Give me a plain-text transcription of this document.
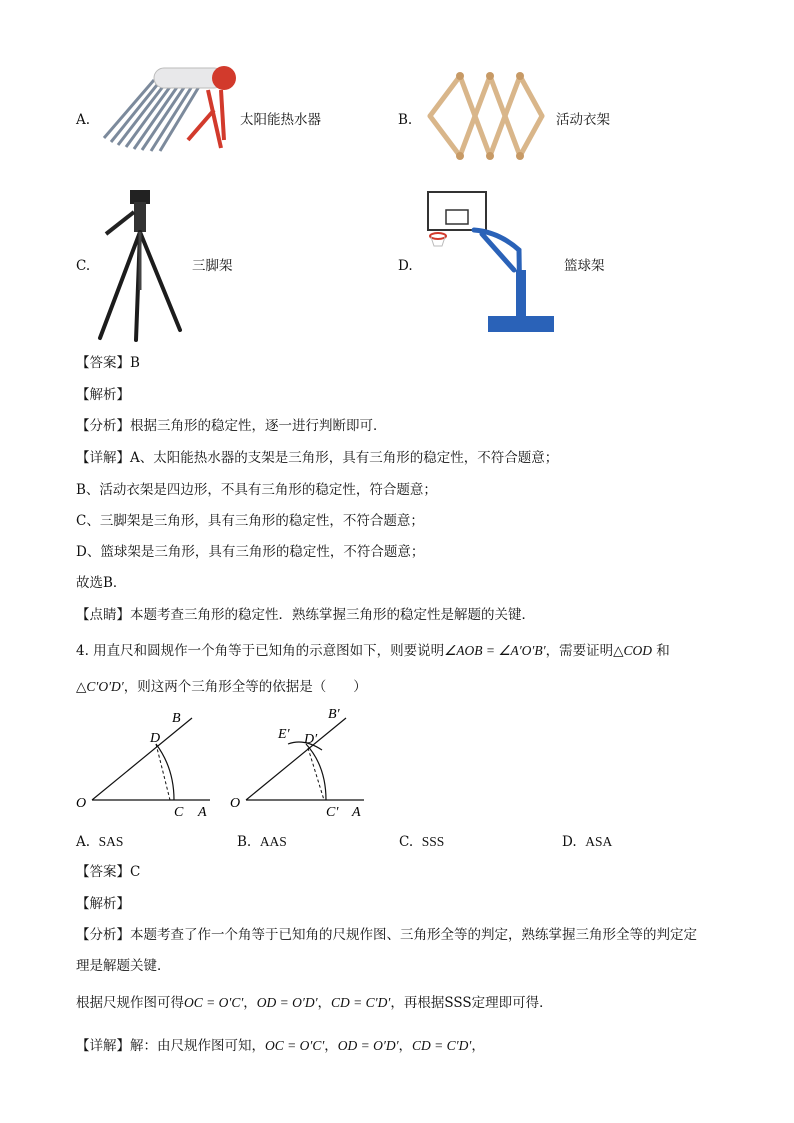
A.	太阳能热水器	B.	活动衣架
C.	三脚架	D.	篮球架
【答案】B
【解析】
【分析】根据三角形的稳定性，逐一进行判断即可．
【详解】A、太阳能热水器的支架是三角形，具有三角形的稳定性，不符合题意；
B、活动衣架是四边形，不具有三角形的稳定性，符合题意；
C、三脚架是三角形，具有三角形的稳定性，不符合题意；
D、篮球架是三角形，具有三角形的稳定性，不符合题意；
故选B．
【点睛】本题考查三角形的稳定性．熟练掌握三角形的稳定性是解题的关键．
4. 用直尺和圆规作一个角等于已知角的示意图如下，则要说明∠AOB = ∠A′O′B′，需要证明△COD 和
△C′O′D′，则这两个三角形全等的依据是（　　）
O
C A
D
B
O
C′ A
D′
E′
B′
A. SAS	B. AAS	C. SSS	D. ASA
【答案】C
【解析】
【分析】本题考查了作一个角等于已知角的尺规作图、三角形全等的判定，熟练掌握三角形全等的判定定
理是解题关键．
根据尺规作图可得OC = O′C′，OD = O′D′，CD = C′D′，再根据SSS定理即可得．
【详解】解：由尺规作图可知，OC = O′C′，OD = O′D′，CD = C′D′，
